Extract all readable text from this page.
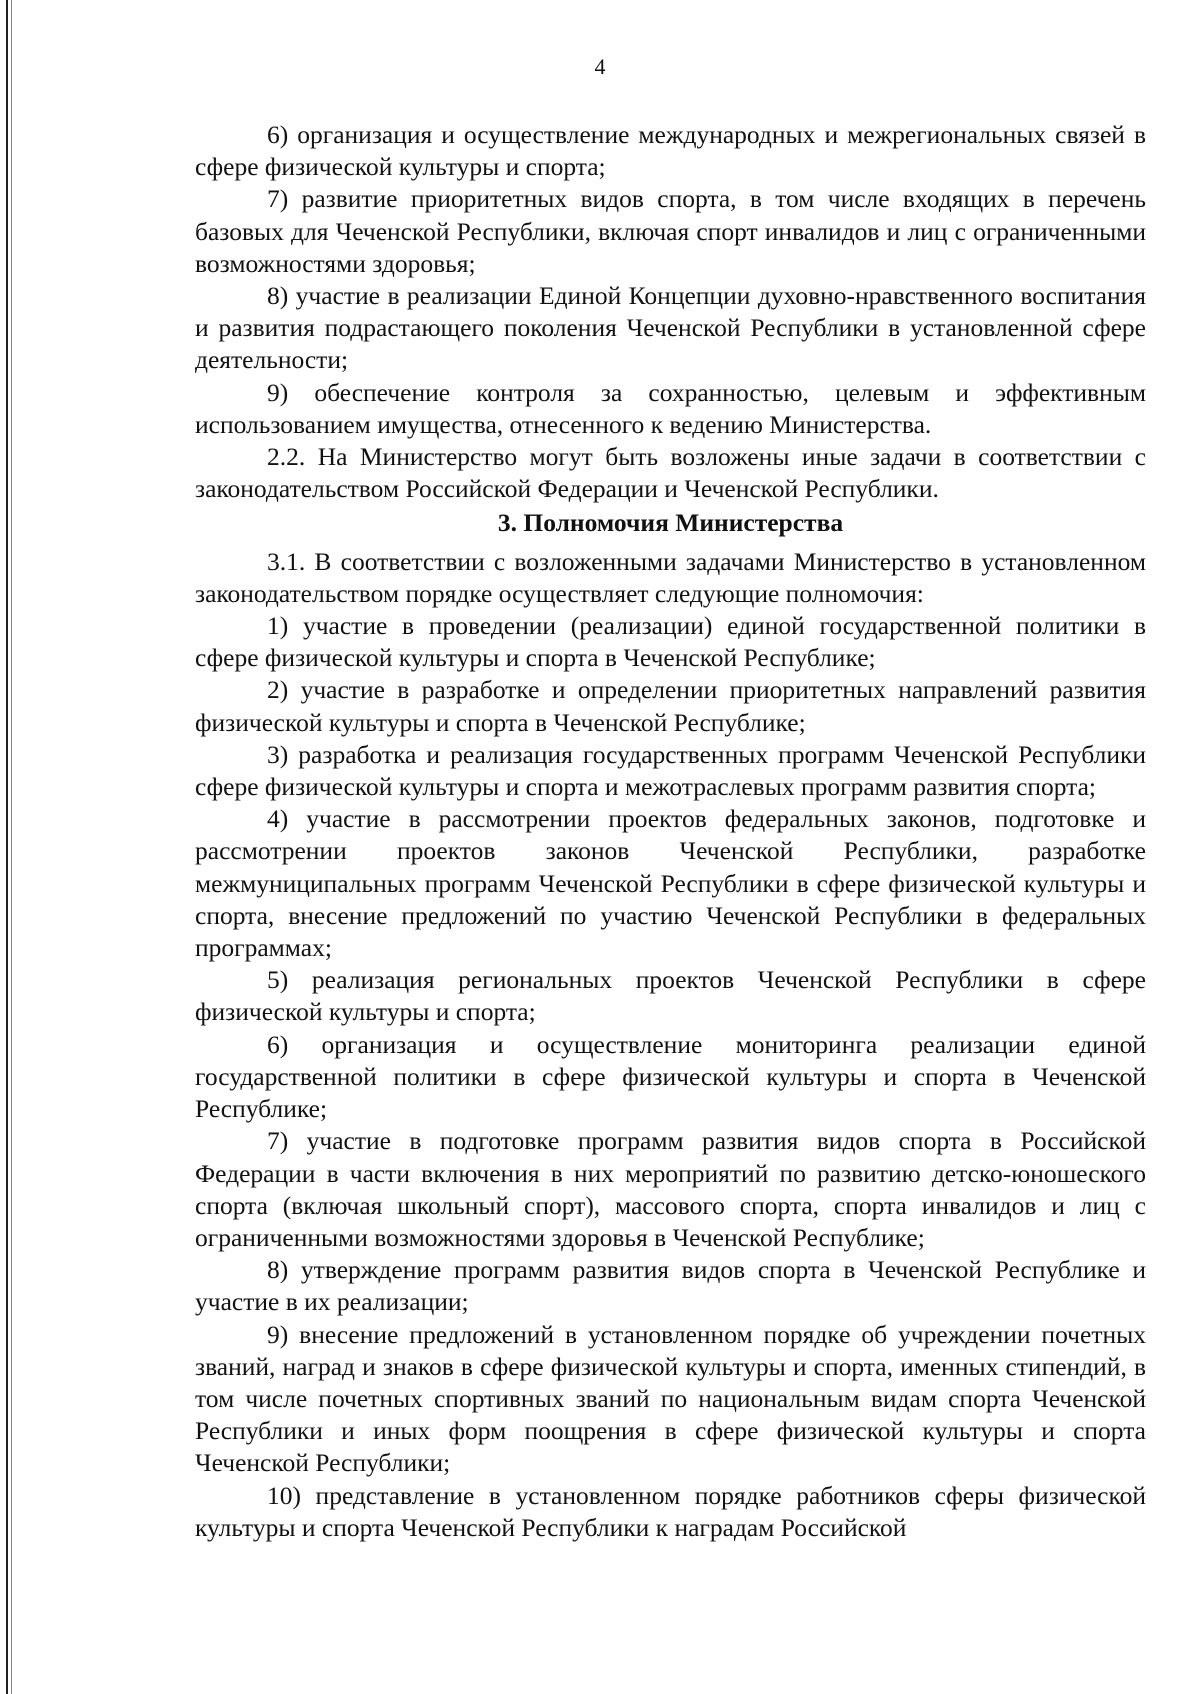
4

6) организация и осуществление международных и межрегиональных связей в сфере физической культуры и спорта;

7) развитие приоритетных видов спорта, в том числе входящих в перечень базовых для Чеченской Республики, включая спорт инвалидов и лиц с ограниченными возможностями здоровья;

8) участие в реализации Единой Концепции духовно-нравственного воспитания и развития подрастающего поколения Чеченской Республики в установленной сфере деятельности;

9) обеспечение контроля за сохранностью, целевым и эффективным использованием имущества, отнесенного к ведению Министерства.

2.2. На Министерство могут быть возложены иные задачи в соответствии с законодательством Российской Федерации и Чеченской Республики.

3. Полномочия Министерства

3.1. В соответствии с возложенными задачами Министерство в установленном законодательством порядке осуществляет следующие полномочия:

1) участие в проведении (реализации) единой государственной политики в сфере физической культуры и спорта в Чеченской Республике;

2) участие в разработке и определении приоритетных направлений развития физической культуры и спорта в Чеченской Республике;

3) разработка и реализация государственных программ Чеченской Республики сфере физической культуры и спорта и межотраслевых программ развития спорта;

4) участие в рассмотрении проектов федеральных законов, подготовке и рассмотрении проектов законов Чеченской Республики, разработке межмуниципальных программ Чеченской Республики в сфере физической культуры и спорта, внесение предложений по участию Чеченской Республики в федеральных программах;

5) реализация региональных проектов Чеченской Республики в сфере физической культуры и спорта;

6) организация и осуществление мониторинга реализации единой государственной политики в сфере физической культуры и спорта в Чеченской Республике;

7) участие в подготовке программ развития видов спорта в Российской Федерации в части включения в них мероприятий по развитию детско-юношеского спорта (включая школьный спорт), массового спорта, спорта инвалидов и лиц с ограниченными возможностями здоровья в Чеченской Республике;

8) утверждение программ развития видов спорта в Чеченской Республике и участие в их реализации;

9) внесение предложений в установленном порядке об учреждении почетных званий, наград и знаков в сфере физической культуры и спорта, именных стипендий, в том числе почетных спортивных званий по национальным видам спорта Чеченской Республики и иных форм поощрения в сфере физической культуры и спорта Чеченской Республики;

10) представление в установленном порядке работников сферы физической культуры и спорта Чеченской Республики к наградам Российской
